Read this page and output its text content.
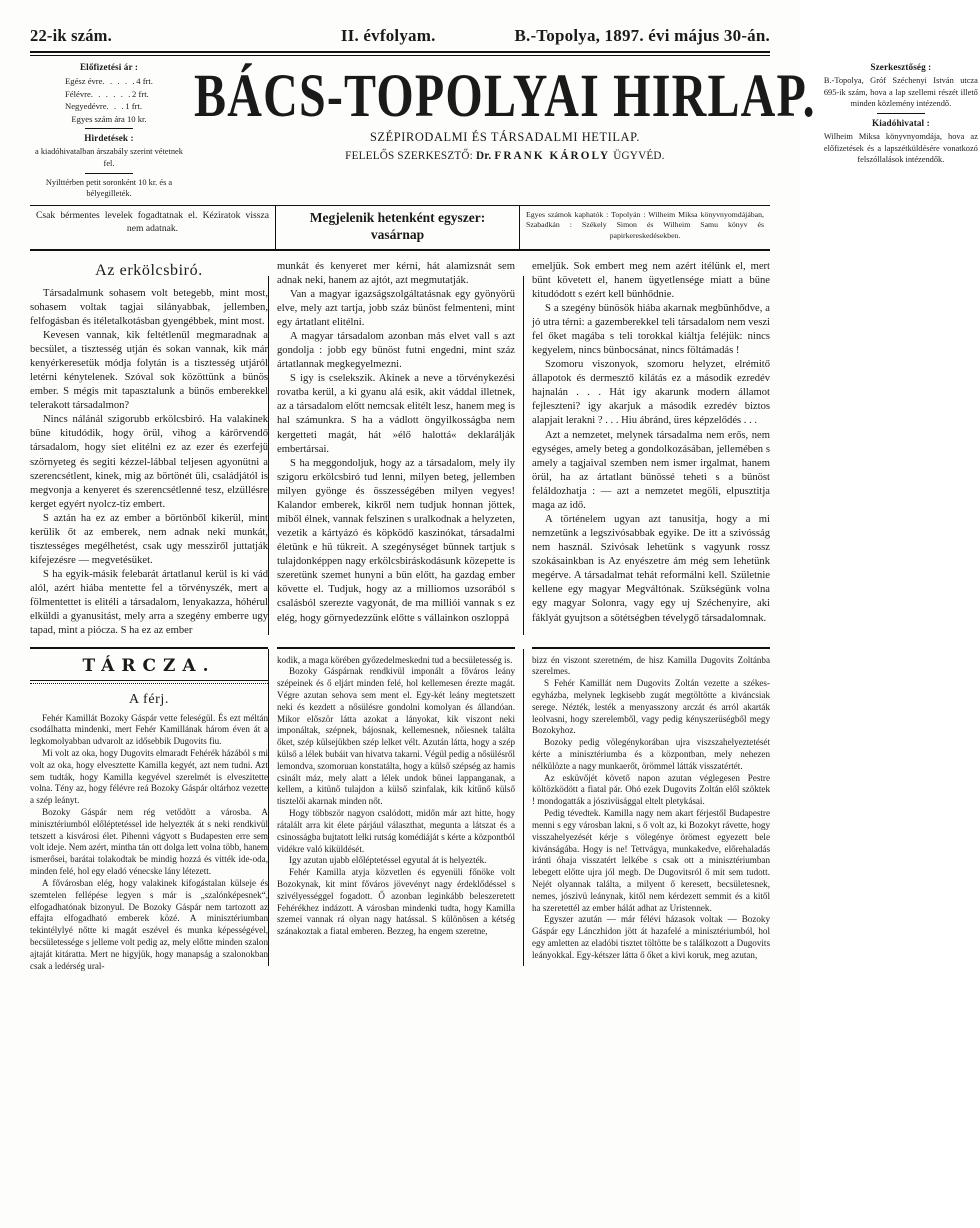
22-ik szám.	II. évfolyam.	B.-Topolya, 1897. évi május 30-án.
Előfizetési ár :
Egész évre. . . . .4 frt.
Félévre. . . . . .2 frt.
Negyedévre. . .1 frt.
Egyes szám ára 10 kr.
Hirdetések :
a kiadóhivatalban árszabály szerint vétetnek fel.
Nyilttérben petit soronként 10 kr. és a bélyegilleték.
BÁCS-TOPOLYAI HIRLAP.
SZÉPIRODALMI ÉS TÁRSADALMI HETILAP.
FELELŐS SZERKESZTŐ: Dr. FRANK KÁROLY ÜGYVÉD.
Szerkesztőség :
B.-Topolya, Gróf Széchenyi István utcza 695-ik szám, hova a lap szellemi részét illető minden közlemény intézendő.
Kiadóhivatal :
Wilheim Miksa könyvnyomdája, hova az előfizetések és a lapszétküldésére vonatkozó felszóllalások intézendők.
Csak bérmentes levelek fogadtatnak el. Kéziratok vissza nem adatnak.
Megjelenik hetenként egyszer: vasárnap
Egyes számok kaphatók : Topolyán : Wilheim Miksa könyvnyomdájában, Szabadkán : Székely Simon és Wilheim Samu könyv és papirkereskedésekben.
Az erkölcsbiró.

Társadalmunk sohasem volt betegebb, mint most, sohasem voltak tagjai silányabbak, jellemben, felfogásban és itéletalkotásban gyengébbek, mint most.

Kevesen vannak, kik feltétlenül megmaradnak a becsület, a tisztesség utján és sokan vannak, kik már kenyérkeresetük módja folytán is a tisztesség utjáról letérni kénytelenek. Szóval sok közöttünk a bünös ember. S mégis mit tapasztalunk a bünös emberekkel telerakott társadalmon?

Nincs nálánál szigorubb erkölcsbiró. Ha valakinek büne kitudódik, hogy örül, vihog a kárörvendő társadalom, hogy siet elitélni ez az ezer és ezerfejü szörnyeteg és segiti kézzel-lábbal teljesen agyonütni a szerencsétlent, kinek, mig az börtönét üli, családjától is megvonja a kenyeret és szerencsétlenné tesz, elzüllésre kerget egyért nyolcz-tiz embert.

S aztán ha ez az ember a börtönből kikerül, mint kerülik őt az emberek, nem adnak neki munkát, tisztességes megélhetést, csak ugy messziről juttatják kifejezésre — megvetésüket.

S ha egyik-másik felebarát ártatlanul kerül is ki vád alól, azért hiába mentette fel a törvényszék, mert a fölmentettet is elitéli a társadalom, lenyakazza, hóhérul elküldi a gyanusitást, mely arra a szegény emberre ugy tapad, mint a piócza. S ha ez az ember

munkát és kenyeret mer kérni, hát alamizsnát sem adnak neki, hanem az ajtót, azt megmutatják.

Van a magyar igazságszolgáltatásnak egy gyönyörü elve, mely azt tartja, jobb száz bünöst felmenteni, mint egy ártatlant elitélni.

A magyar társadalom azonban más elvet vall s azt gondolja : jobb egy bünöst futni engedni, mint száz ártatlannak megkegyelmezni.

S igy is cselekszik. Akinek a neve a törvénykezési rovatba kerül, a ki gyanu alá esik, akit váddal illetnek, az a társadalom előtt nemcsak elitélt lesz, hanem meg is hal számunkra. S ha a vádlott öngyilkosságba nem kergetteti magát, hát »élő halottá« deklarálják embertársai.

S ha meggondoljuk, hogy az a társadalom, mely ily szigoru erkölcsbiró tud lenni, milyen beteg, jellemben milyen gyönge és összességében milyen vegyes! Kalandor emberek, kikről nem tudjuk honnan jöttek, miből élnek, vannak felszinen s uralkodnak a helyzeten, vezetik a kártyázó és köpködő kaszinókat, társadalmi életünk e hü tükreit. A szegénységet bünnek tartjuk s tulajdonképpen nagy erkölcsbiráskodásunk közepette is szeretünk szemet hunyni a bün előtt, ha gazdag ember követte el. Tudjuk, hogy az a milliomos uzsorából s csalásból szerezte vagyonát, de ma milliói vannak s ez elég, hogy görnyedezzünk előtte s vállainkon oszloppá

emeljük. Sok embert meg nem azért itélünk el, mert bünt követett el, hanem ügyetlensége miatt a büne kitudódott s ezért kell bünhődnie.

S a szegény bünösök hiába akarnak megbünhődve, a jó utra térni: a gazemberekkel teli társadalom nem veszi fel őket magába s teli torokkal kiáltja feléjük: nincs kegyelem, nincs bünbocsánat, nincs föltámadás !

Szomoru viszonyok, szomoru helyzet, elrémitő állapotok és dermesztő kilátás ez a második ezredév hajnalán . . . Hát igy akarunk modern államot fejleszteni? igy akarjuk a második ezredév biztos alapjait lerakni ? . . . Hiu ábránd, üres képzelődés . . .

Azt a nemzetet, melynek társadalma nem erős, nem egységes, amely beteg a gondolkozásában, jellemében s amely a tagjaival szemben nem ismer irgalmat, hanem örül, ha az ártatlant bünössé teheti s a bünöst feláldozhatja : — azt a nemzetet megöli, elpusztitja maga az idő.

A történelem ugyan azt tanusitja, hogy a mi nemzetünk a legszivósabbak egyike. De itt a szivósság nem használ. Szivósak lehetünk s vagyunk rossz szokásainkban is Az enyészetre ám még sem lehetünk megérve. A társadalmat tehát reformálni kell. Születnie kellene egy magyar Megváltónak. Szükségünk volna egy magyar Solonra, vagy egy uj Széchenyire, aki fáklyát gyujtson a sötétségben tévelygő társadalomnak.

TÁRCZA.
A férj.

Fehér Kamillát Bozoky Gáspár vette feleségül. És ezt méltán csodálhatta mindenki, mert Fehér Kamillának három éven át a legkomolyabban udvarolt az idősebbik Dugovits fiu.

Mi volt az oka, hogy Dugovits elmaradt Fehérék házából s mi volt az oka, hogy elvesztette Kamilla kegyét, azt nem tudni. Azt sem tudták, hogy Kamilla kegyével szerelmét is elveszitette volna. Tény az, hogy félévre reá Bozoky Gáspár oltárhoz vezette a szép leányt.

Bozoky Gáspár nem rég vetődött a városba. A minisztériumból előléptetéssel ide helyezték át s neki rendkivül tetszett a kisvárosi élet. Pihenni vágyott s Budapesten erre sem volt ideje. Nem azért, mintha tán ott dolga lett volna több, hanem ismerősei, barátai tolakodtak be mindig hozzá és vitték ide-oda, minden felé, hol egy eladó vénecske lány létezett.

A fővárosban elég, hogy valakinek kifogástalan külseje és szemtelen fellépése legyen s már is „szalónképesnek“, elfogadhatónak bizonyul. De Bozoky Gáspár nem tartozott az effajta elfogadható emberek közé. A minisztériumban tekintélylyé nőtte ki magát eszével és munka képességével, becsületessége s jelleme volt pedig az, mely előtte minden szalon ajtaját kitáratta. Mert ne higyjük, hogy manapság a szalonokban csak a ledérség ural-

kodik, a maga körében győzedelmeskedni tud a becsületesség is.

Bozoky Gáspárnak rendkivül imponált a főváros leány szépeinek és ő eljárt minden felé, hol kellemesen érezte magát. Végre azutan sehova sem ment el. Egy-két leány megtetszett neki és kezdett a nősülésre gondolni komolyan és állandóan. Mikor először látta azokat a lányokat, kik viszont neki imponáltak, szépnek, bájosnak, kellemesnek, nőiesnek találta őket, szép külsejükben szép lelket vélt. Azután látta, hogy a szép külső a lélek bubáit van hivatva takarni. Végül pedig a nősülésről lemondva, szomoruan konstatálta, hogy a külső szépség az hamis csinált máz, mely alatt a lélek undok bünei lappanganak, a kellem, a kitünő tulajdon a külső szinfalak, kik kitűnő külső tisztelői akarnak minden nőt.

Hogy többször nagyon csalódott, midőn már azt hitte, hogy rátalált arra kit élete párjául választhat, megunta a látszat és a csinosságba bujtatott lelki rutság komédiáját s kérte a központból vidékre való kiküldését.

Igy azutan ujabb előléptetéssel egyutal át is helyezték.

Fehér Kamilla atyja közvetlen és egyenüli főnöke volt Bozokynak, kit mint főváros jövevényt nagy érdeklődéssel s szivélyességgel fogadott. Ő azonban leginkább beleszeretett Fehérékhez indázott. A városban mindenki tudta, hogy Kamilla szemei vannak rá olyan nagy hatással. S különösen a kétség szánakoztak a fiatal emberen. Bezzeg, ha engem szeretne,

bizz én viszont szeretném, de hisz Kamilla Dugovits Zoltánba szerelmes.

S Fehér Kamillát nem Dugovits Zoltán vezette a székes-egyházba, melynek legkisebb zugát megtöltötte a kiváncsiak serege. Nézték, lesték a menyasszony arczát és arról akarták leolvasni, hogy szerelemből, vagy pedig kényszerüségből megy Bozokyhoz.

Bozoky pedig völegénykorában ujra viszszahelyeztetését kérte a minisztériumba és a központban, mely nehezen nélkülözte a nagy munkaerőt, örömmel látták visszatértét.

Az esküvőjét követő napon azutan véglegesen Pestre költözködött a fiatal pár. Ohó ezek Dugovits Zoltán elől szöktek ! mondogatták a jószivüsággal eltelt pletykásai.

Pedig tévedtek. Kamilla nagy nem akart férjestől Budapestre menni s egy városban lakni, s ő volt az, ki Bozokyt rávette, hogy visszahelyezését kérje s völegénye örömest egyezett bele kivánságába. Hogy is ne! Tettvágya, munkakedve, előrehaladás iránti óhaja visszatért lelkébe s csak ott a minisztériumban lebegett előtte ujra jól megb. De Dugovitsról ő mit sem tudott. Nejét olyannak találta, a milyent ő keresett, becsületesnek, nemes, jószivü leánynak, kitől nem kérdezett semmit és a kitől ha szeretettél az ember hálát adhat az Uristennek.

Egyszer azután — már félévi házasok voltak — Bozoky Gáspár egy Lánczhidon jött át hazafelé a minisztériumból, hol egy amletten az eladóbi tisztet töltötte be s találkozott a Dugovits leányokkal. Egy-kétszer látta ő őket a kivi koruk, meg azutan,
